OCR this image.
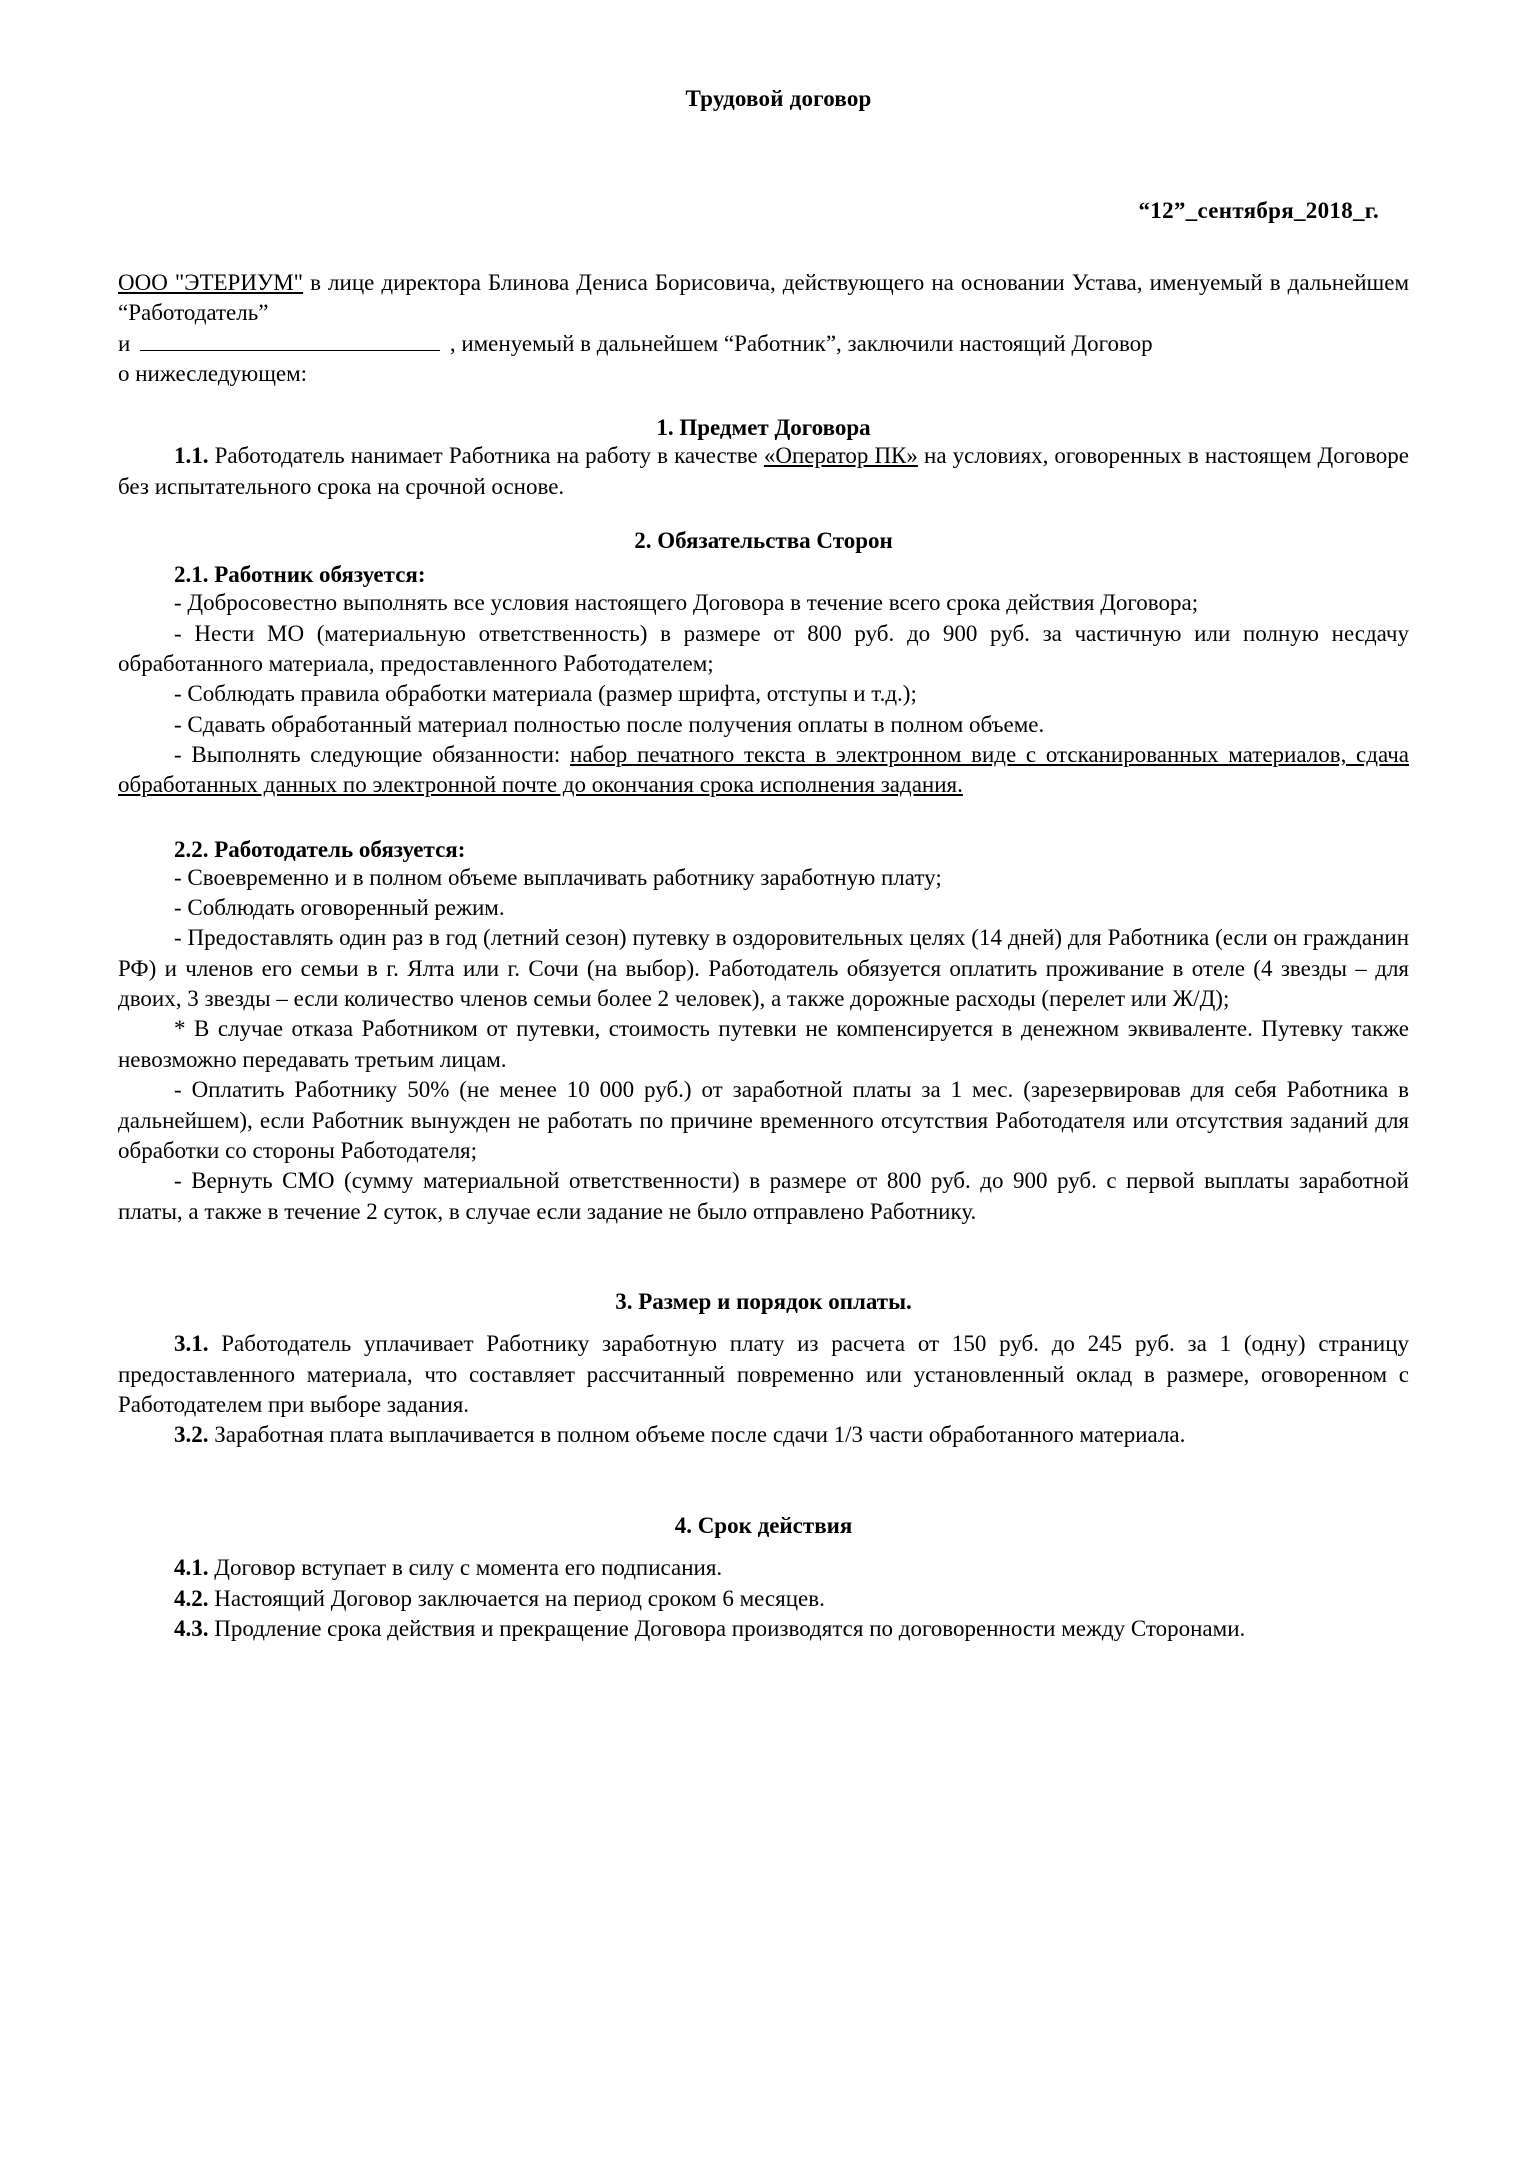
Трудовой договор
“12”_сентября_2018_г.

ООО "ЭТЕРИУМ" в лице директора Блинова Дениса Борисовича, действующего на основании Устава, именуемый в дальнейшем “Работодатель”

и	, именуемый в дальнейшем “Работник”, заключили настоящий Договор

о нижеследующем:

1. Предмет Договора

1.1. Работодатель нанимает Работника на работу в качестве «Оператор ПК» на условиях, оговоренных в настоящем Договоре без испытательного срока на срочной основе.

2. Обязательства Сторон
2.1. Работник обязуется:

- Добросовестно выполнять все условия настоящего Договора в течение всего срока действия Договора;

- Нести МО (материальную ответственность) в размере от 800 руб. до 900 руб. за частичную или полную несдачу обработанного материала, предоставленного Работодателем;

- Соблюдать правила обработки материала (размер шрифта, отступы и т.д.);

- Сдавать обработанный материал полностью после получения оплаты в полном объеме.

- Выполнять следующие обязанности: набор печатного текста в электронном виде с отсканированных материалов, сдача обработанных данных по электронной почте до окончания срока исполнения задания.

2.2. Работодатель обязуется:

- Своевременно и в полном объеме выплачивать работнику заработную плату;

- Соблюдать оговоренный режим.

- Предоставлять один раз в год (летний сезон) путевку в оздоровительных целях (14 дней) для Работника (если он гражданин РФ) и членов его семьи в г. Ялта или г. Сочи (на выбор). Работодатель обязуется оплатить проживание в отеле (4 звезды – для двоих, 3 звезды – если количество членов семьи более 2 человек), а также дорожные расходы (перелет или Ж/Д);

* В случае отказа Работником от путевки, стоимость путевки не компенсируется в денежном эквиваленте. Путевку также невозможно передавать третьим лицам.

- Оплатить Работнику 50% (не менее 10 000 руб.) от заработной платы за 1 мес. (зарезервировав для себя Работника в дальнейшем), если Работник вынужден не работать по причине временного отсутствия Работодателя или отсутствия заданий для обработки со стороны Работодателя;

- Вернуть СМО (сумму материальной ответственности) в размере от 800 руб. до 900 руб. с первой выплаты заработной платы, а также в течение 2 суток, в случае если задание не было отправлено Работнику.

3. Размер и порядок оплаты.

3.1. Работодатель уплачивает Работнику заработную плату из расчета от 150 руб. до 245 руб. за 1 (одну) страницу предоставленного материала, что составляет рассчитанный повременно или установленный оклад в размере, оговоренном с Работодателем при выборе задания.

3.2. Заработная плата выплачивается в полном объеме после сдачи 1/3 части обработанного материала.

4. Срок действия

4.1. Договор вступает в силу с момента его подписания.

4.2. Настоящий Договор заключается на период сроком 6 месяцев.

4.3. Продление срока действия и прекращение Договора производятся по договоренности между Сторонами.
